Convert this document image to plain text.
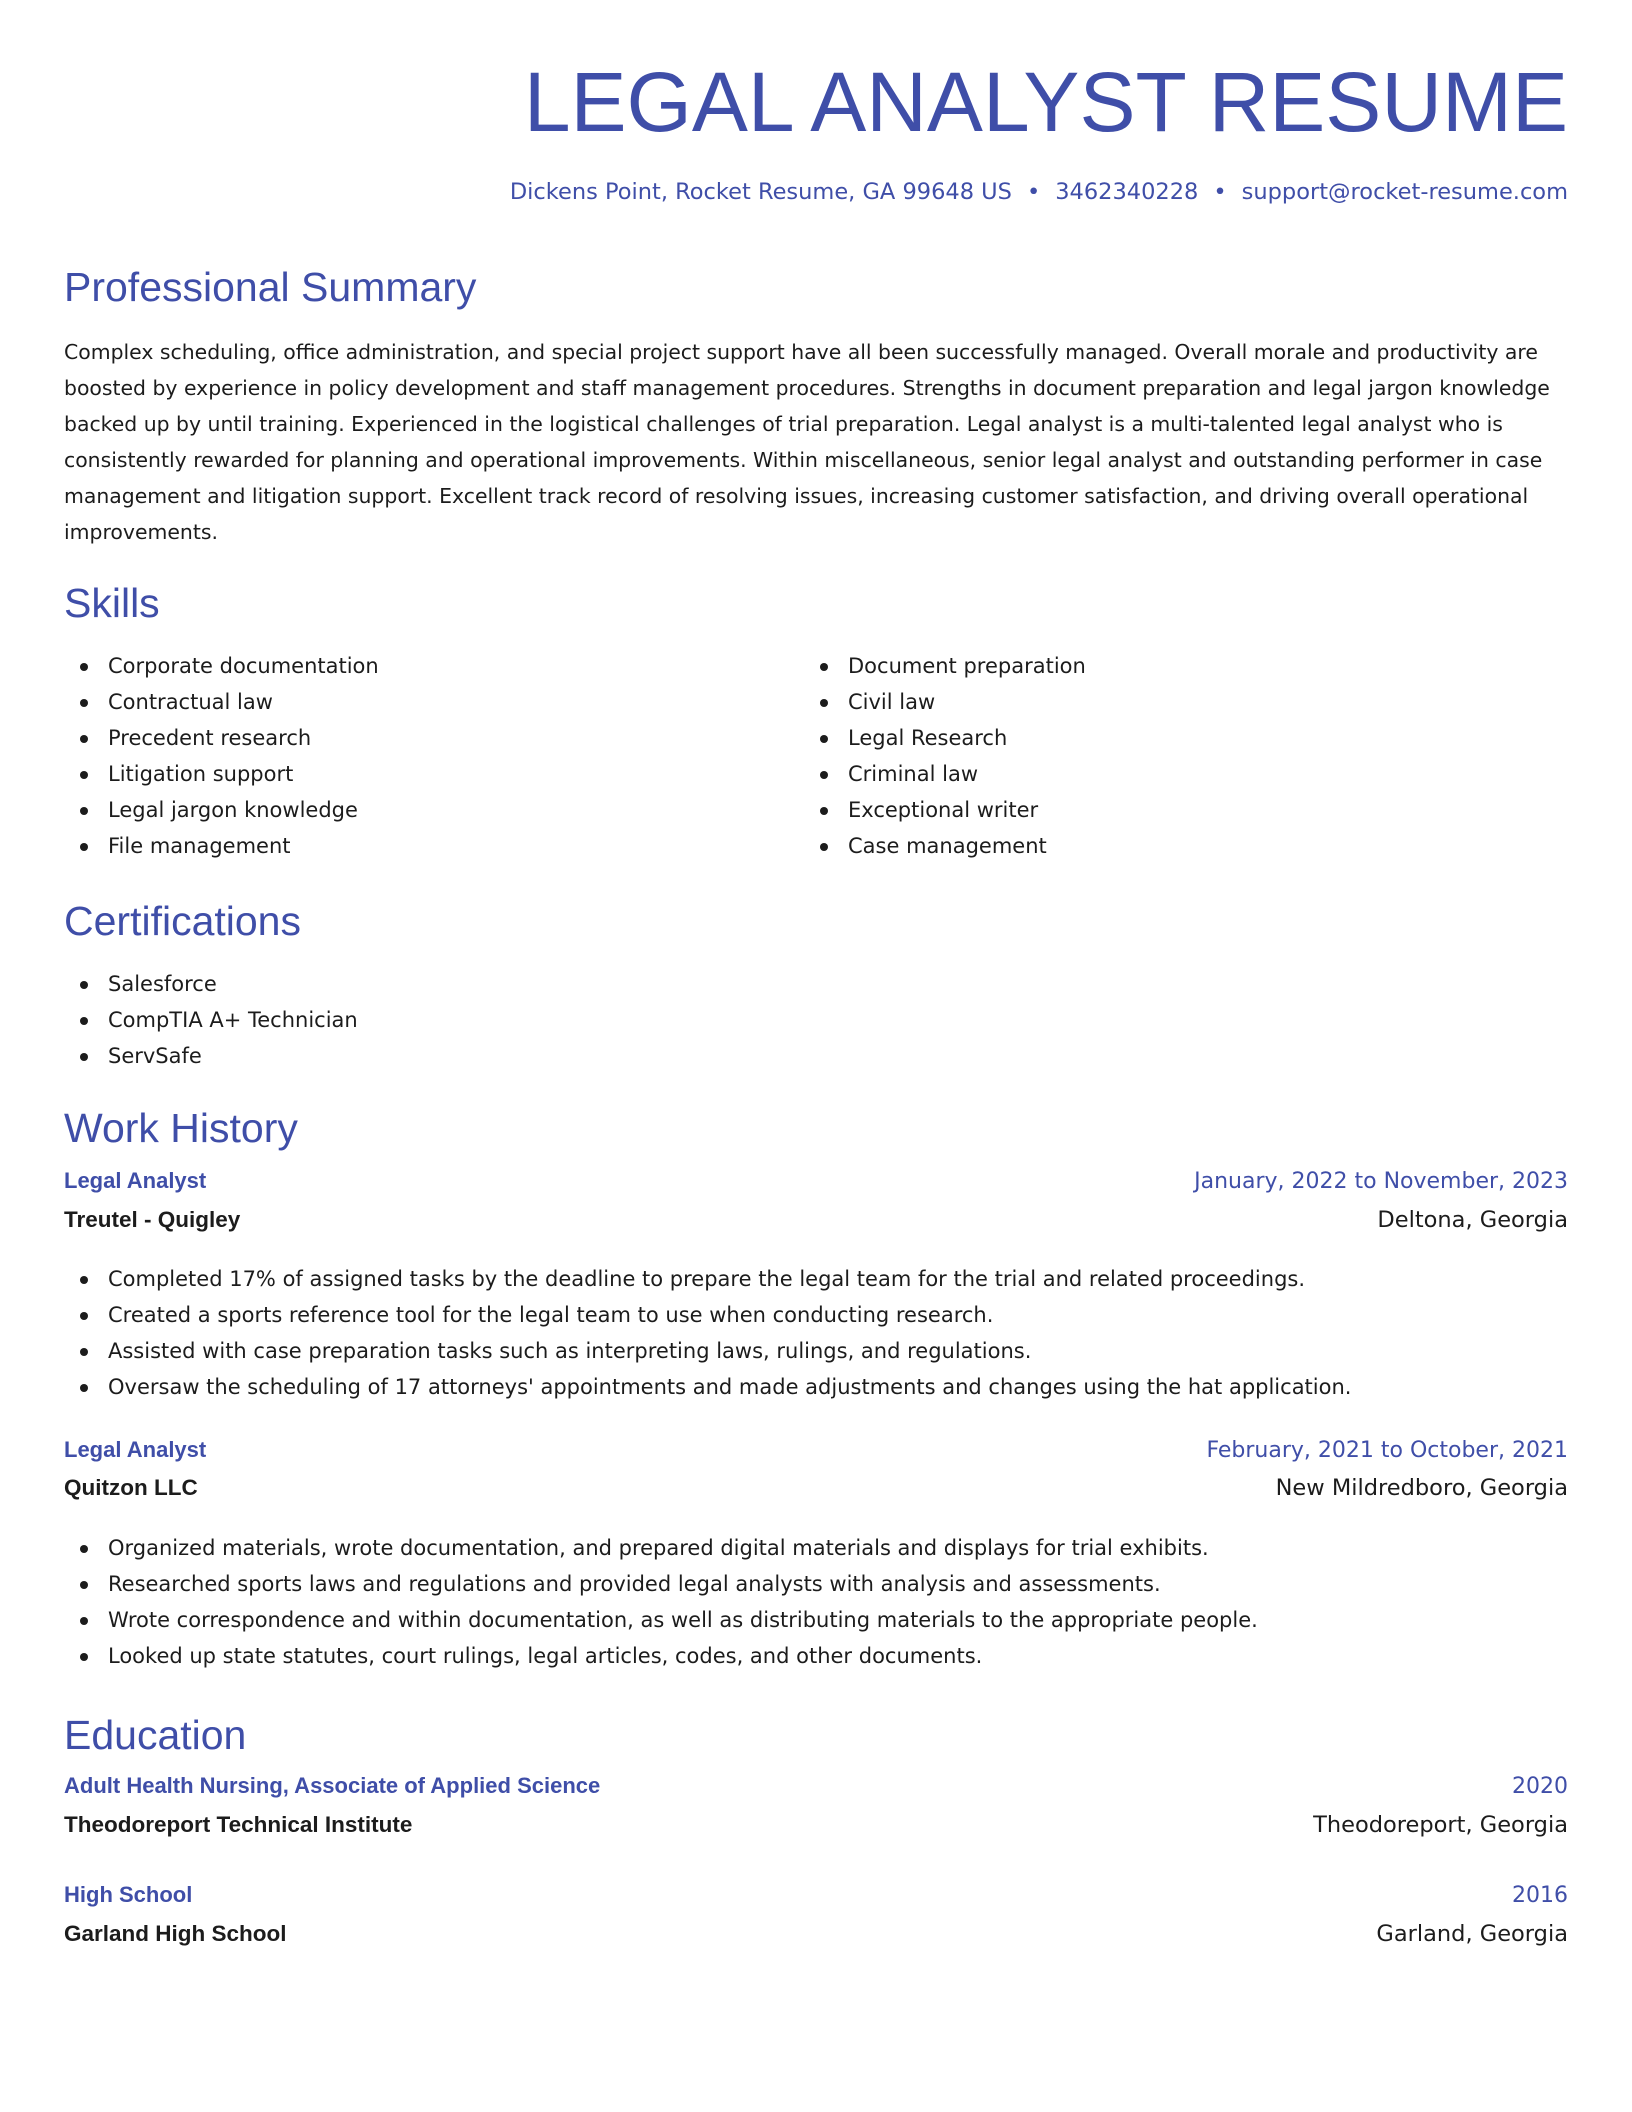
LEGAL ANALYST RESUME
Dickens Point, Rocket Resume, GA 99648 US • 3462340228 • support@rocket-resume.com
Professional Summary

Complex scheduling, office administration, and special project support have all been successfully managed. Overall morale and productivity are boosted by experience in policy development and staff management procedures. Strengths in document preparation and legal jargon knowledge backed up by until training. Experienced in the logistical challenges of trial preparation. Legal analyst is a multi-talented legal analyst who is consistently rewarded for planning and operational improvements. Within miscellaneous, senior legal analyst and outstanding performer in case management and litigation support. Excellent track record of resolving issues, increasing customer satisfaction, and driving overall operational improvements.

Skills
Corporate documentation
Contractual law
Precedent research
Litigation support
Legal jargon knowledge
File management
Document preparation
Civil law
Legal Research
Criminal law
Exceptional writer
Case management
Certifications
Salesforce
CompTIA A+ Technician
ServSafe
Work History
Legal Analyst	January, 2022 to November, 2023
Treutel - Quigley	Deltona, Georgia
Completed 17% of assigned tasks by the deadline to prepare the legal team for the trial and related proceedings.
Created a sports reference tool for the legal team to use when conducting research.
Assisted with case preparation tasks such as interpreting laws, rulings, and regulations.
Oversaw the scheduling of 17 attorneys' appointments and made adjustments and changes using the hat application.
Legal Analyst	February, 2021 to October, 2021
Quitzon LLC	New Mildredboro, Georgia
Organized materials, wrote documentation, and prepared digital materials and displays for trial exhibits.
Researched sports laws and regulations and provided legal analysts with analysis and assessments.
Wrote correspondence and within documentation, as well as distributing materials to the appropriate people.
Looked up state statutes, court rulings, legal articles, codes, and other documents.
Education
Adult Health Nursing, Associate of Applied Science	2020
Theodoreport Technical Institute	Theodoreport, Georgia
High School	2016
Garland High School	Garland, Georgia
